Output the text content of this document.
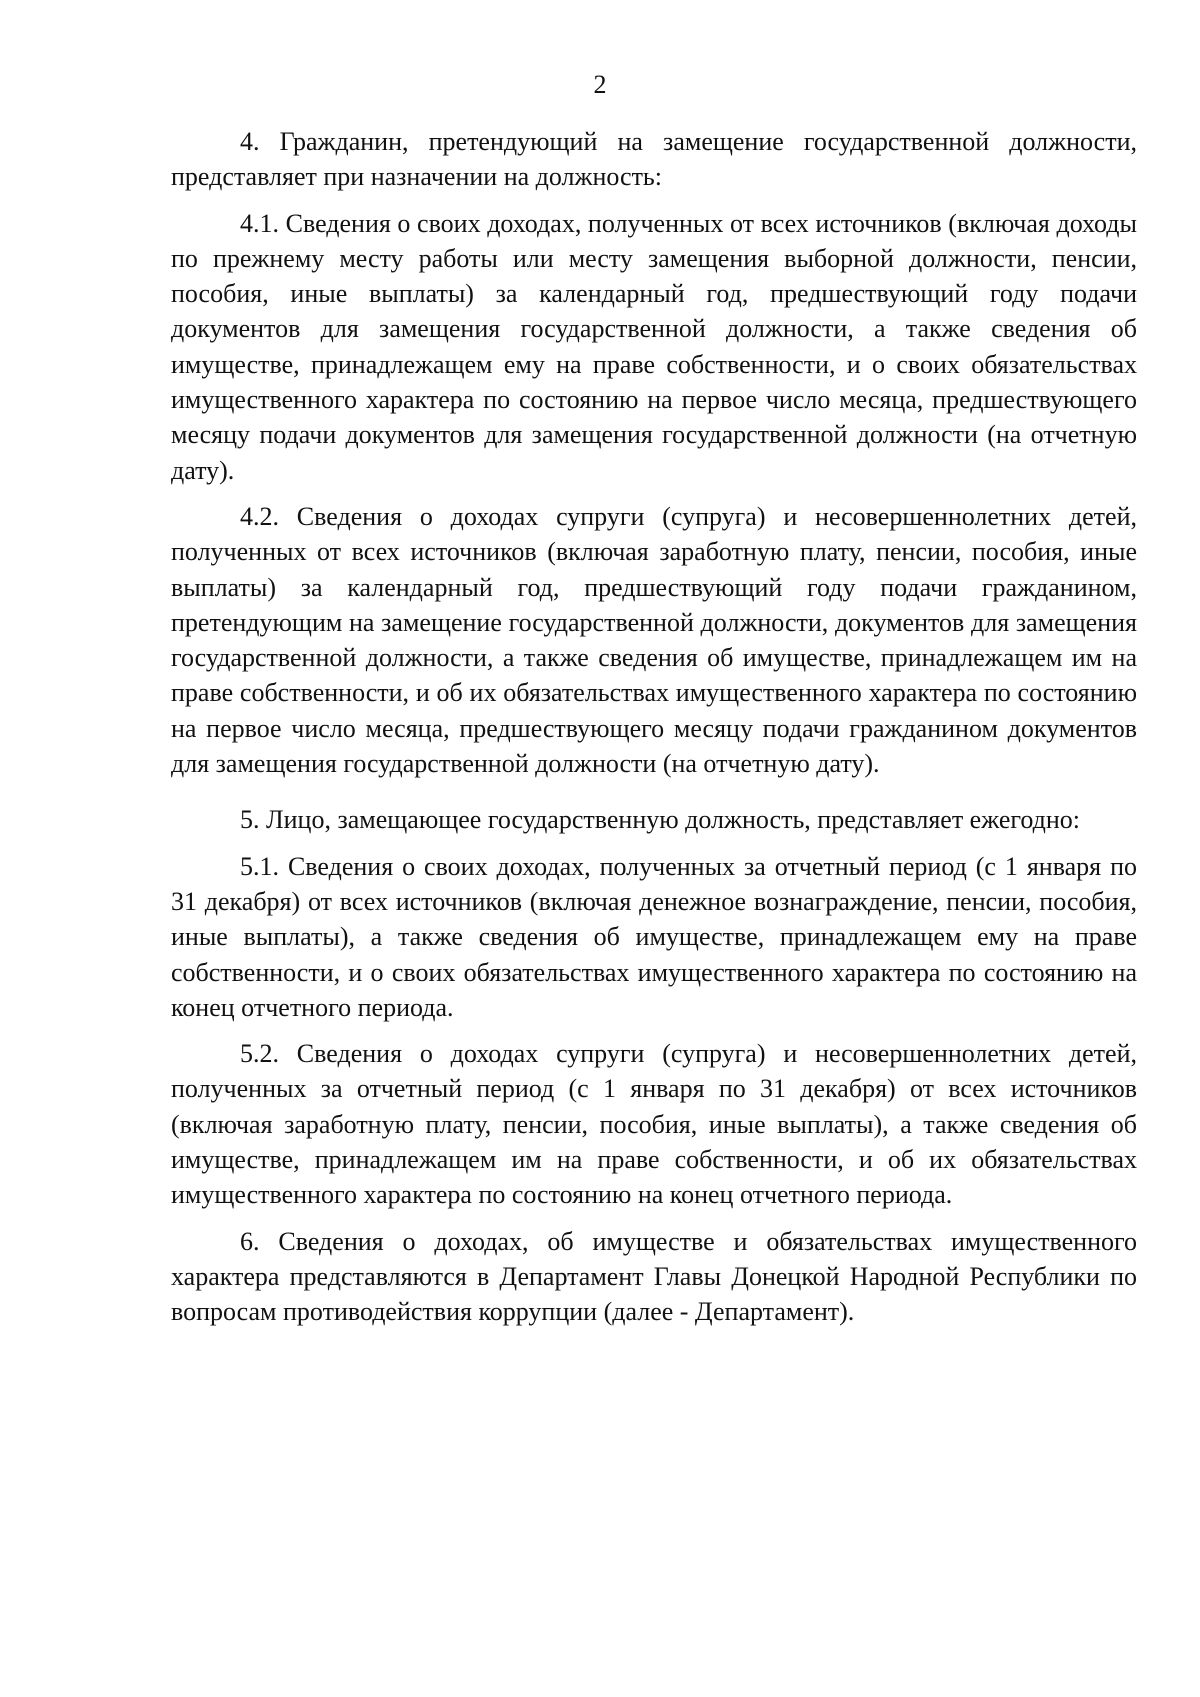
2

4. Гражданин, претендующий на замещение государственной должности, представляет при назначении на должность:

4.1. Сведения о своих доходах, полученных от всех источников (включая доходы по прежнему месту работы или месту замещения выборной должности, пенсии, пособия, иные выплаты) за календарный год, предшествующий году подачи документов для замещения государственной должности, а также сведения об имуществе, принадлежащем ему на праве собственности, и о своих обязательствах имущественного характера по состоянию на первое число месяца, предшествующего месяцу подачи документов для замещения государственной должности (на отчетную дату).

4.2. Сведения о доходах супруги (супруга) и несовершеннолетних детей, полученных от всех источников (включая заработную плату, пенсии, пособия, иные выплаты) за календарный год, предшествующий году подачи гражданином, претендующим на замещение государственной должности, документов для замещения государственной должности, а также сведения об имуществе, принадлежащем им на праве собственности, и об их обязательствах имущественного характера по состоянию на первое число месяца, предшествующего месяцу подачи гражданином документов для замещения государственной должности (на отчетную дату).

5. Лицо, замещающее государственную должность, представляет ежегодно:

5.1. Сведения о своих доходах, полученных за отчетный период (с 1 января по 31 декабря) от всех источников (включая денежное вознаграждение, пенсии, пособия, иные выплаты), а также сведения об имуществе, принадлежащем ему на праве собственности, и о своих обязательствах имущественного характера по состоянию на конец отчетного периода.

5.2. Сведения о доходах супруги (супруга) и несовершеннолетних детей, полученных за отчетный период (с 1 января по 31 декабря) от всех источников (включая заработную плату, пенсии, пособия, иные выплаты), а также сведения об имуществе, принадлежащем им на праве собственности, и об их обязательствах имущественного характера по состоянию на конец отчетного периода.

6. Сведения о доходах, об имуществе и обязательствах имущественного характера представляются в Департамент Главы Донецкой Народной Республики по вопросам противодействия коррупции (далее - Департамент).
